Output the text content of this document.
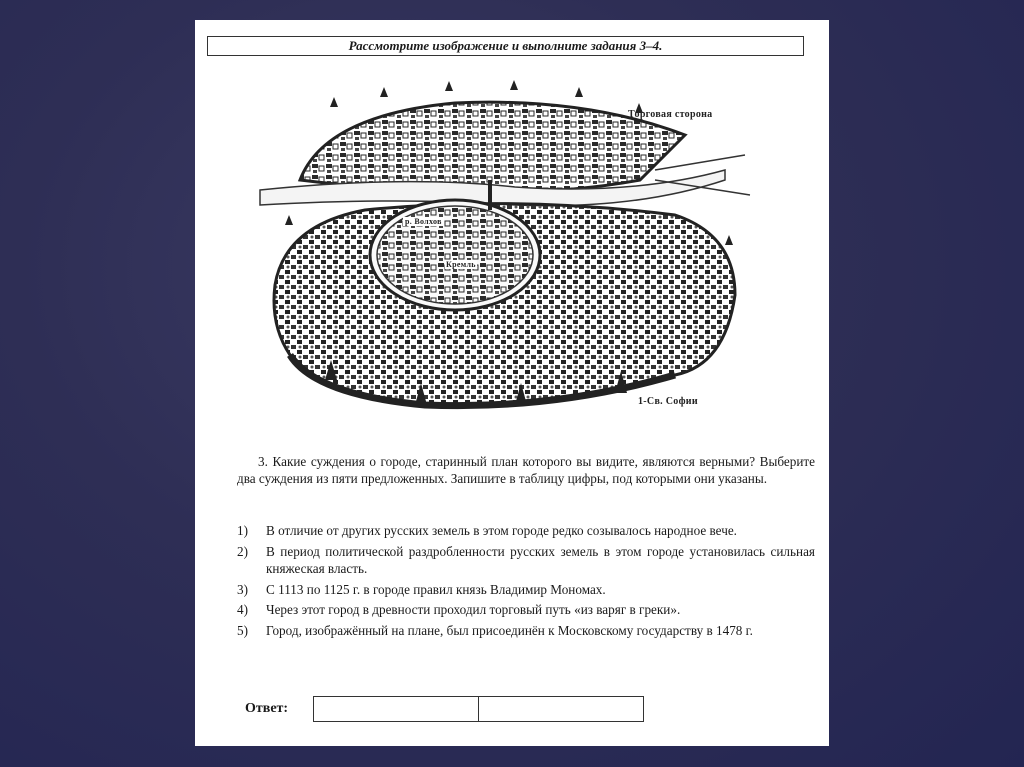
Рассмотрите изображение и выполните задания 3–4.
Торговая сторона
р. Волхов
Кремль
1-Св. Софии
3. Какие суждения о городе, старинный план которого вы видите, являются верными? Выберите два суждения из пяти предложенных. Запишите в таблицу цифры, под которыми они указаны.
1)	В отличие от других русских земель в этом городе редко созывалось народное вече.
2)	В период политической раздробленности русских земель в этом городе установилась сильная княжеская власть.
3)	С 1113 по 1125 г. в городе правил князь Владимир Мономах.
4)	Через этот город в древности проходил торговый путь «из варяг в греки».
5)	Город, изображённый на плане, был присоединён к Московскому государству в 1478 г.
Ответ:
